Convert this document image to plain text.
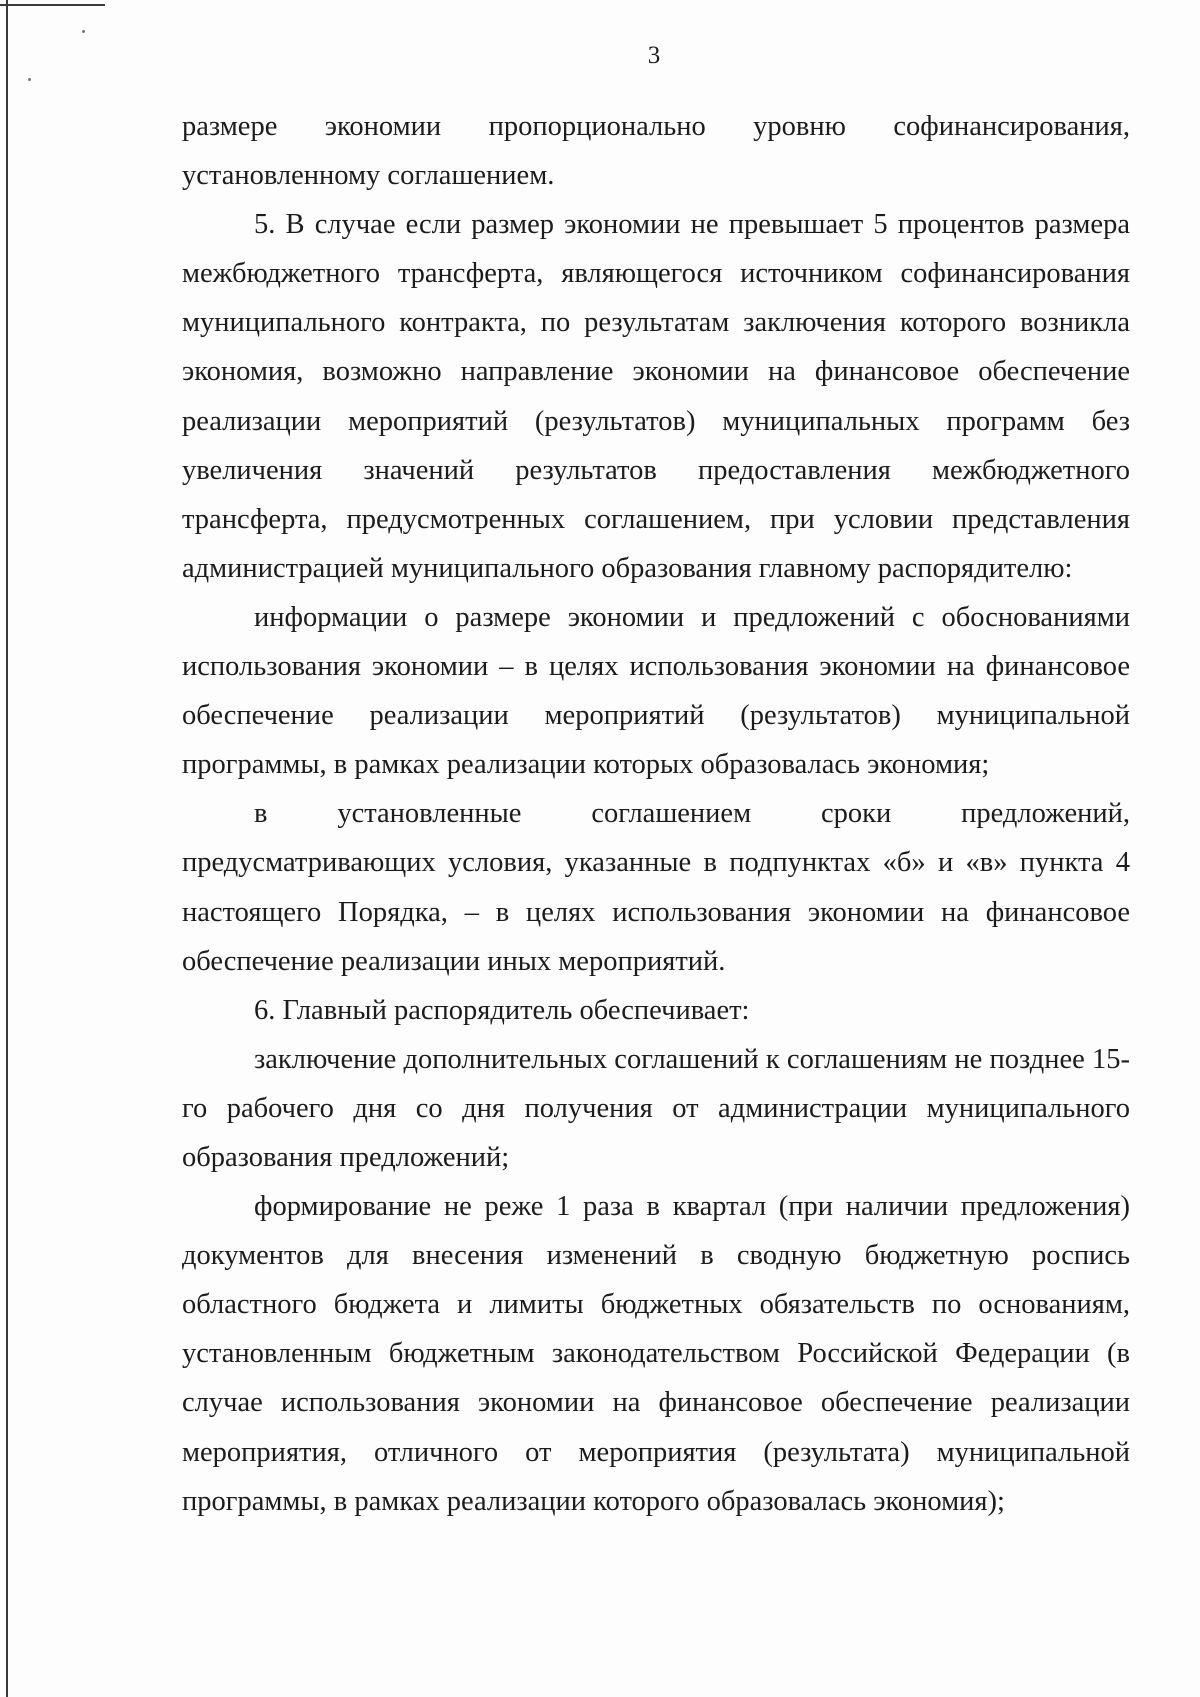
3

размере экономии пропорционально уровню софинансирования, установленному соглашением.

5. В случае если размер экономии не превышает 5 процентов размера межбюджетного трансферта, являющегося источником софинансирования муниципального контракта, по результатам заключения которого возникла экономия, возможно направление экономии на финансовое обеспечение реализации мероприятий (результатов) муниципальных программ без увеличения значений результатов предоставления межбюджетного трансферта, предусмотренных соглашением, при условии представления администрацией муниципального образования главному распорядителю:

информации о размере экономии и предложений с обоснованиями использования экономии – в целях использования экономии на финансовое обеспечение реализации мероприятий (результатов) муниципальной программы, в рамках реализации которых образовалась экономия;

в установленные соглашением сроки предложений, предусматривающих условия, указанные в подпунктах «б» и «в» пункта 4 настоящего Порядка, – в целях использования экономии на финансовое обеспечение реализации иных мероприятий.

6. Главный распорядитель обеспечивает:

заключение дополнительных соглашений к соглашениям не позднее 15-го рабочего дня со дня получения от администрации муниципального образования предложений;

формирование не реже 1 раза в квартал (при наличии предложения) документов для внесения изменений в сводную бюджетную роспись областного бюджета и лимиты бюджетных обязательств по основаниям, установленным бюджетным законодательством Российской Федерации (в случае использования экономии на финансовое обеспечение реализации мероприятия, отличного от мероприятия (результата) муниципальной программы, в рамках реализации которого образовалась экономия);
